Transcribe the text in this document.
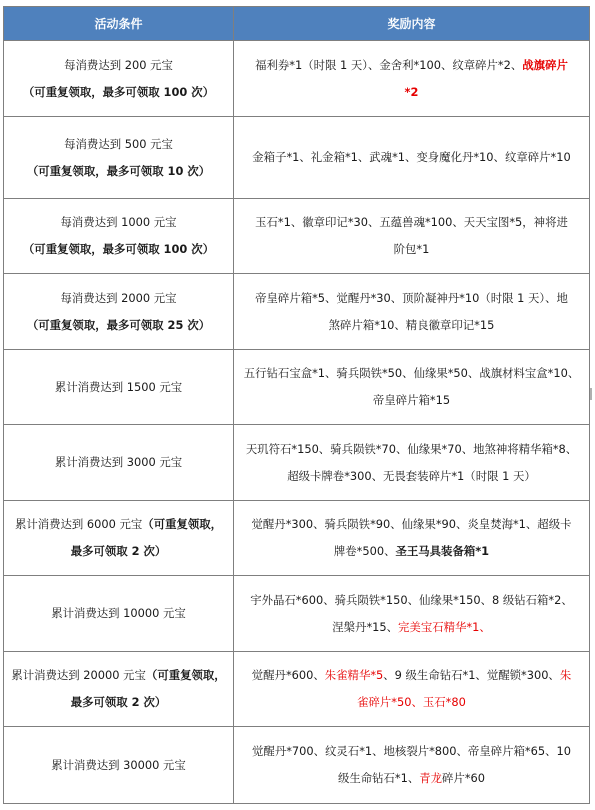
活动条件	奖励内容

每消费达到 200 元宝
（可重复领取，最多可领取 100 次）	福利券*1（时限 1 天）、金舍利*100、纹章碎片*2、战旗碎片
*2

每消费达到 500 元宝
（可重复领取，最多可领取 10 次）	金箱子*1、礼金箱*1、武魂*1、变身魔化丹*10、纹章碎片*10

每消费达到 1000 元宝
（可重复领取，最多可领取 100 次）	玉石*1、徽章印记*30、五蕴兽魂*100、天天宝图*5，神将进
阶包*1

每消费达到 2000 元宝
（可重复领取，最多可领取 25 次）	帝皇碎片箱*5、觉醒丹*30、顶阶凝神丹*10（时限 1 天）、地
煞碎片箱*10、精良徽章印记*15

累计消费达到 1500 元宝	五行钻石宝盒*1、骑兵陨铁*50、仙缘果*50、战旗材料宝盒*10、
帝皇碎片箱*15

累计消费达到 3000 元宝	天玑符石*150、骑兵陨铁*70、仙缘果*70、地煞神将精华箱*8、
超级卡牌卷*300、无畏套装碎片*1（时限 1 天）

累计消费达到 6000 元宝（可重复领取，
最多可领取 2 次）	觉醒丹*300、骑兵陨铁*90、仙缘果*90、炎皇焚海*1、超级卡
牌卷*500、圣王马具装备箱*1

累计消费达到 10000 元宝	宇外晶石*600、骑兵陨铁*150、仙缘果*150、8 级钻石箱*2、
涅槃丹*15、完美宝石精华*1、

累计消费达到 20000 元宝（可重复领取，
最多可领取 2 次）	觉醒丹*600、朱雀精华*5、9 级生命钻石*1、觉醒锁*300、朱
雀碎片*50、玉石*80

累计消费达到 30000 元宝	觉醒丹*700、纹灵石*1、地核裂片*800、帝皇碎片箱*65、10
级生命钻石*1、青龙碎片*60
